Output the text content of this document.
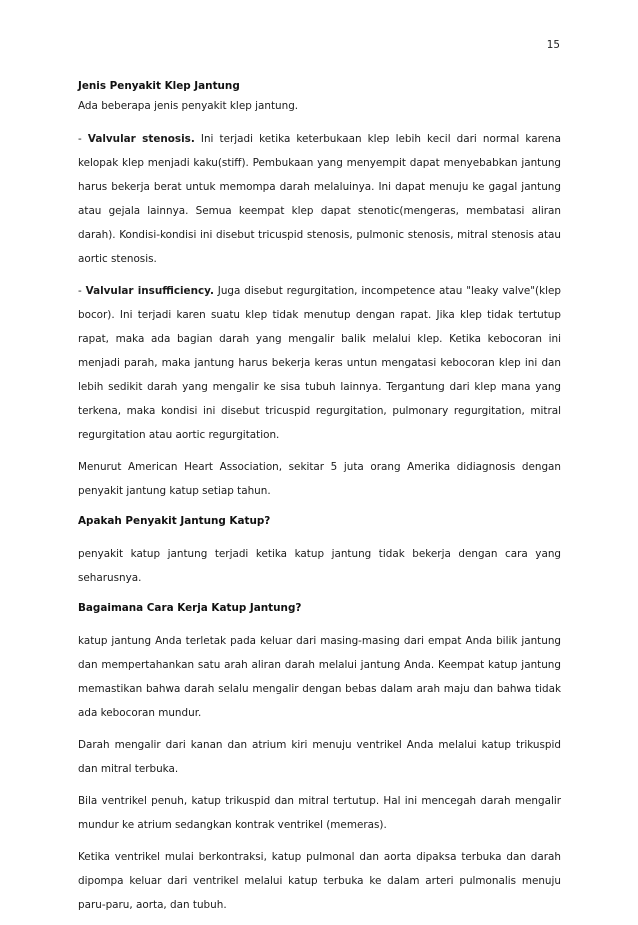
15

Jenis Penyakit Klep Jantung

Ada beberapa jenis penyakit klep jantung.

- Valvular stenosis. Ini terjadi ketika keterbukaan klep lebih kecil dari normal karena kelopak klep menjadi kaku(stiff). Pembukaan yang menyempit dapat menyebabkan jantung harus bekerja berat untuk memompa darah melaluinya. Ini dapat menuju ke gagal jantung atau gejala lainnya. Semua keempat klep dapat stenotic(mengeras, membatasi aliran darah). Kondisi-kondisi ini disebut tricuspid stenosis, pulmonic stenosis, mitral stenosis atau aortic stenosis.

- Valvular insufficiency. Juga disebut regurgitation, incompetence atau "leaky valve"(klep bocor). Ini terjadi karen suatu klep tidak menutup dengan rapat. Jika klep tidak tertutup rapat, maka ada bagian darah yang mengalir balik melalui klep. Ketika kebocoran ini menjadi parah, maka jantung harus bekerja keras untun mengatasi kebocoran klep ini dan lebih sedikit darah yang mengalir ke sisa tubuh lainnya. Tergantung dari klep mana yang terkena, maka kondisi ini disebut tricuspid regurgitation, pulmonary regurgitation, mitral regurgitation atau aortic regurgitation.

Menurut American Heart Association, sekitar 5 juta orang Amerika didiagnosis dengan penyakit jantung katup setiap tahun.

Apakah Penyakit Jantung Katup?

penyakit katup jantung terjadi ketika katup jantung tidak bekerja dengan cara yang seharusnya.

Bagaimana Cara Kerja Katup Jantung?

katup jantung Anda terletak pada keluar dari masing-masing dari empat Anda bilik jantung dan mempertahankan satu arah aliran darah melalui jantung Anda. Keempat katup jantung memastikan bahwa darah selalu mengalir dengan bebas dalam arah maju dan bahwa tidak ada kebocoran mundur.

Darah mengalir dari kanan dan atrium kiri menuju ventrikel Anda melalui katup trikuspid dan mitral terbuka.

Bila ventrikel penuh, katup trikuspid dan mitral tertutup. Hal ini mencegah darah mengalir mundur ke atrium sedangkan kontrak ventrikel (memeras).

Ketika ventrikel mulai berkontraksi, katup pulmonal dan aorta dipaksa terbuka dan darah dipompa keluar dari ventrikel melalui katup terbuka ke dalam arteri pulmonalis menuju paru-paru, aorta, dan tubuh.
